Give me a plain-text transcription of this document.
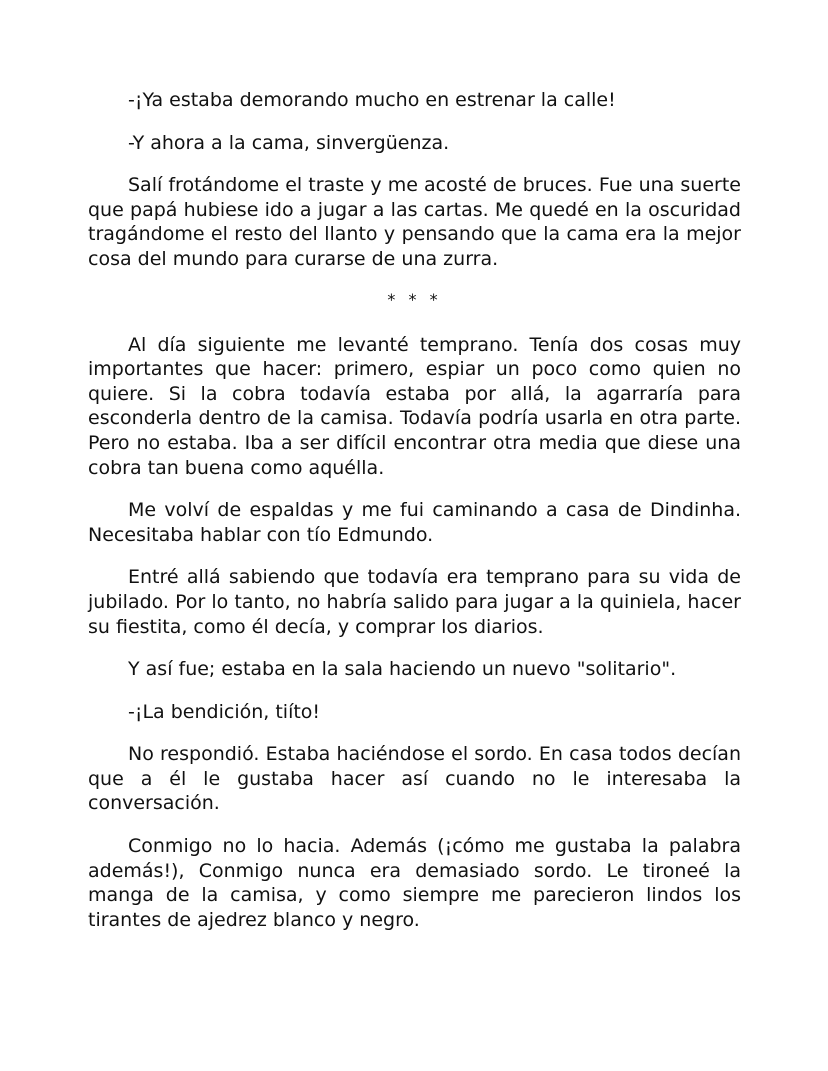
-¡Ya estaba demorando mucho en estrenar la calle!

-Y ahora a la cama, sinvergüenza.

Salí frotándome el traste y me acosté de bruces. Fue una suerte que papá hubiese ido a jugar a las cartas. Me quedé en la oscuridad tragándome el resto del llanto y pensando que la cama era la mejor cosa del mundo para curarse de una zurra.

* * *

Al día siguiente me levanté temprano. Tenía dos cosas muy importantes que hacer: primero, espiar un poco como quien no quiere. Si la cobra todavía estaba por allá, la agarraría para esconderla dentro de la camisa. Todavía podría usarla en otra parte. Pero no estaba. Iba a ser difícil encontrar otra media que diese una cobra tan buena como aquélla.

Me volví de espaldas y me fui caminando a casa de Dindinha. Necesitaba hablar con tío Edmundo.

Entré allá sabiendo que todavía era temprano para su vida de jubilado. Por lo tanto, no habría salido para jugar a la quiniela, hacer su fiestita, como él decía, y comprar los diarios.

Y así fue; estaba en la sala haciendo un nuevo "solitario".

-¡La bendición, tiíto!

No respondió. Estaba haciéndose el sordo. En casa todos decían que a él le gustaba hacer así cuando no le interesaba la conversación.

Conmigo no lo hacia. Además (¡cómo me gustaba la palabra además!), Conmigo nunca era demasiado sordo. Le tironeé la manga de la camisa, y como siempre me parecieron lindos los tirantes de ajedrez blanco y negro.
